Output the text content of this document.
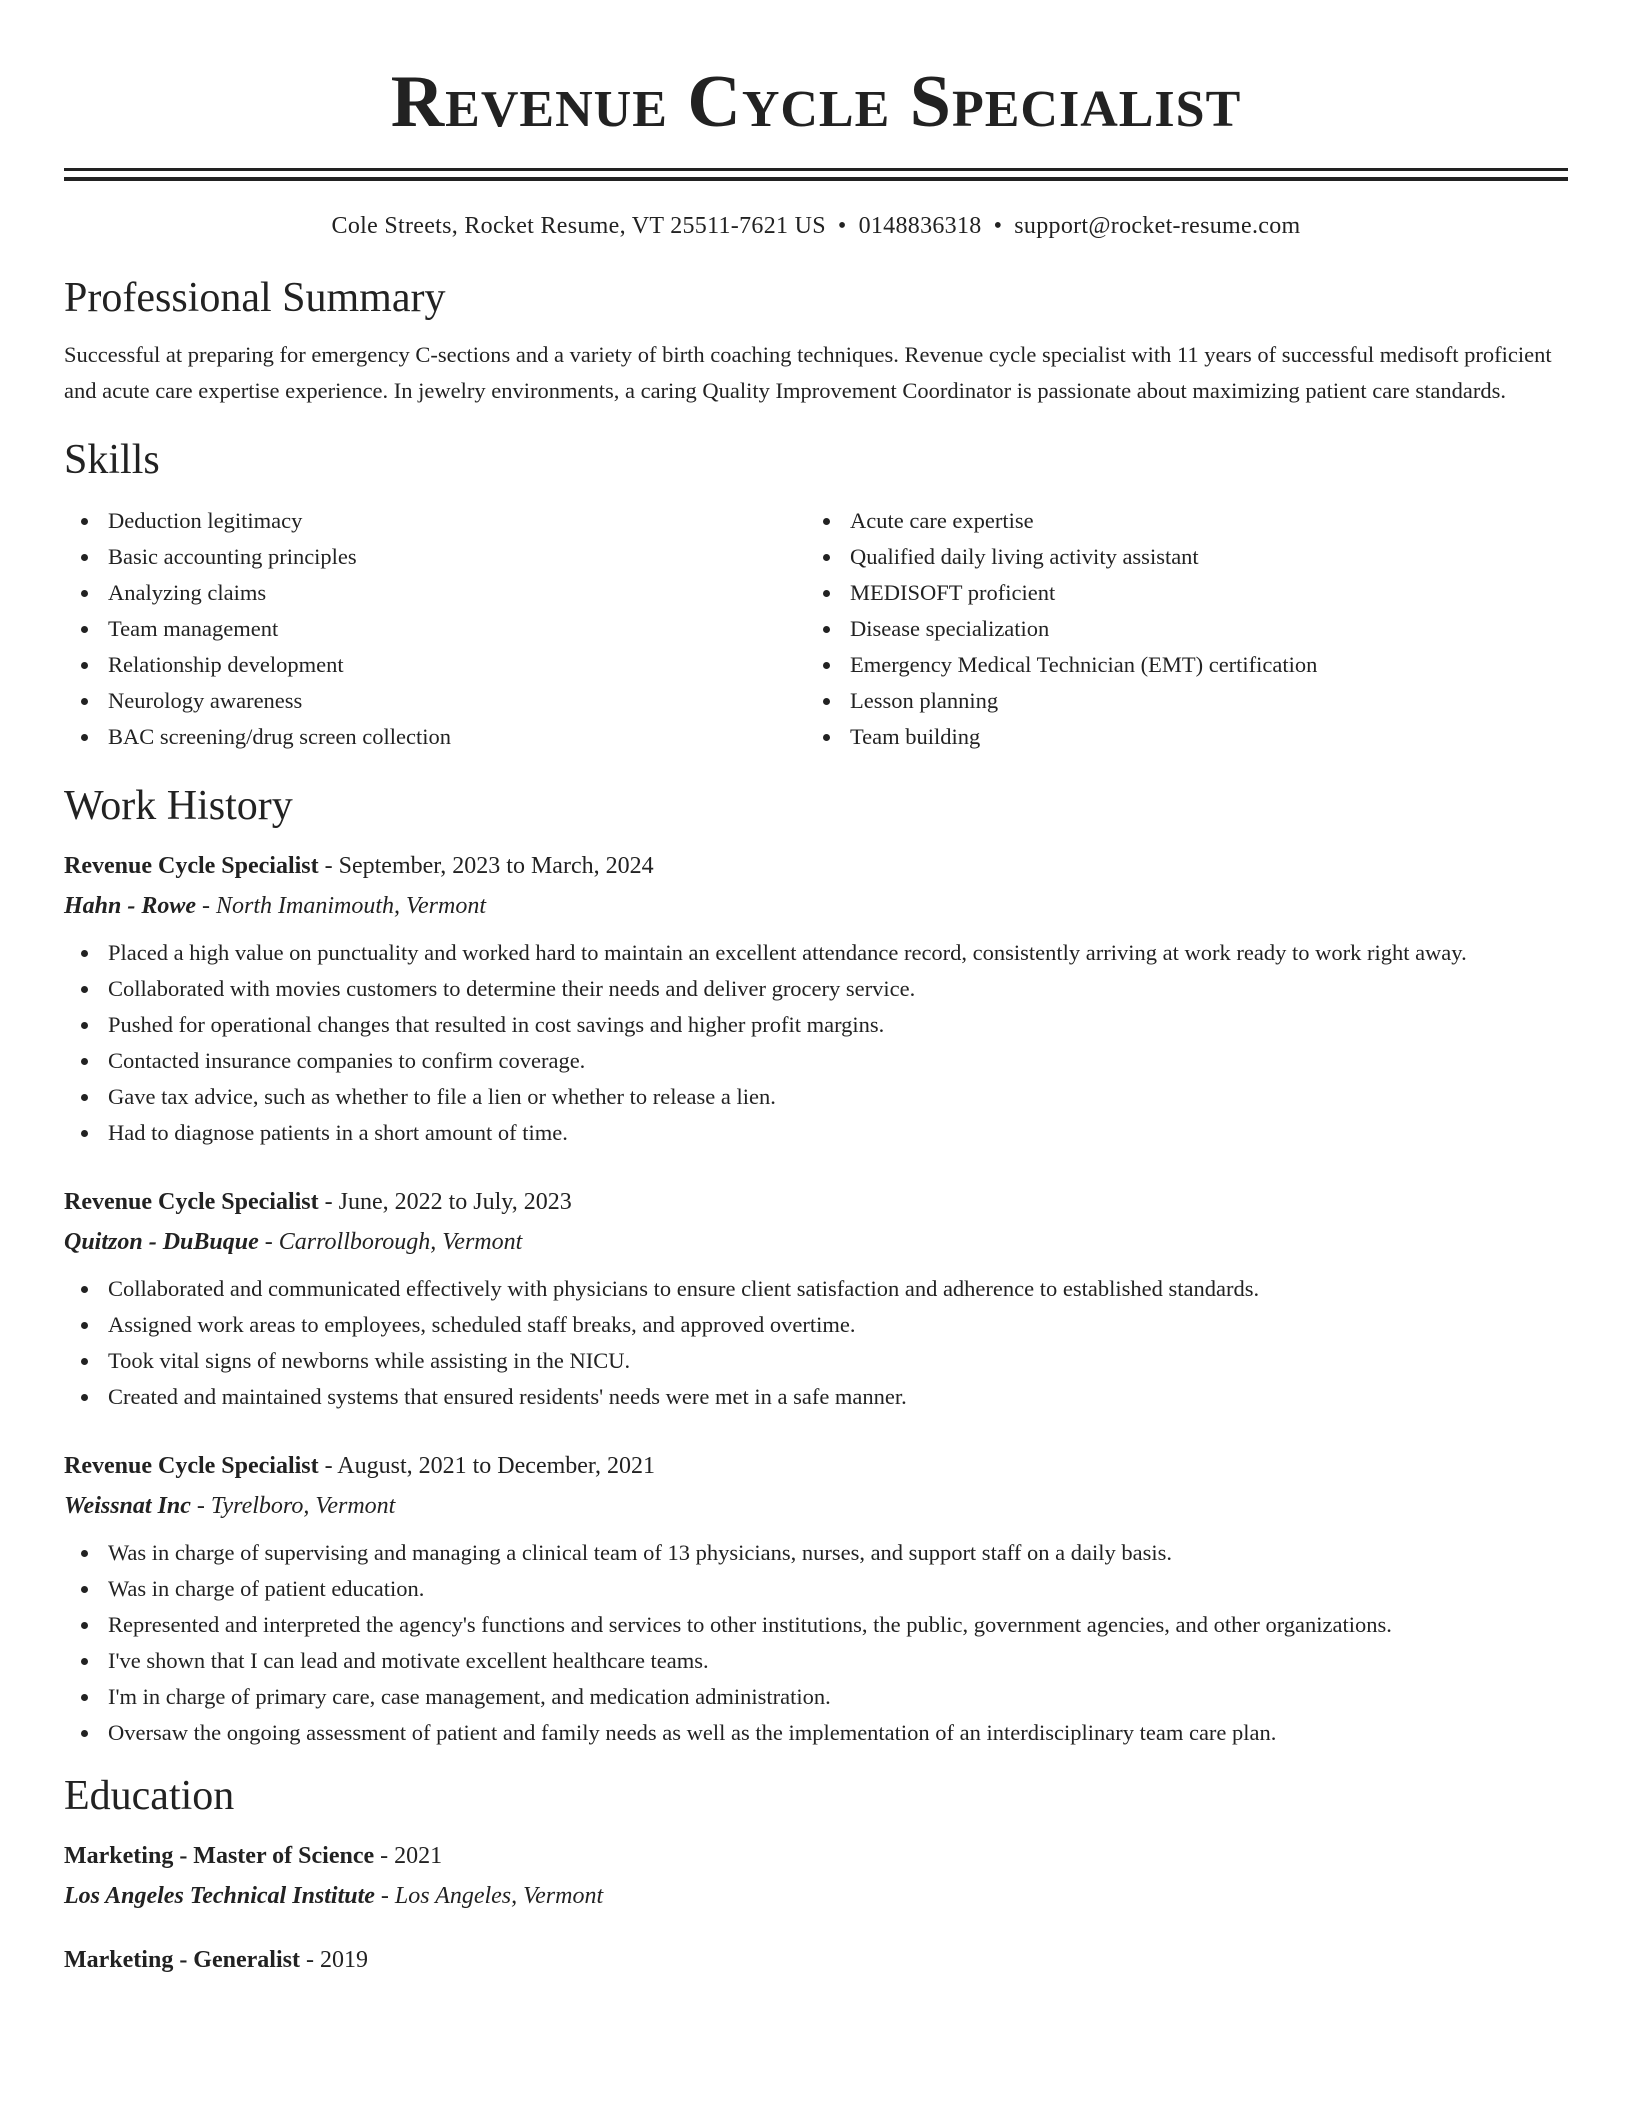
Revenue Cycle Specialist
Cole Streets, Rocket Resume, VT 25511-7621 US • 0148836318 • support@rocket-resume.com
Professional Summary
Successful at preparing for emergency C-sections and a variety of birth coaching techniques. Revenue cycle specialist with 11 years of successful medisoft proficient and acute care expertise experience. In jewelry environments, a caring Quality Improvement Coordinator is passionate about maximizing patient care standards.
Skills
Deduction legitimacy
Basic accounting principles
Analyzing claims
Team management
Relationship development
Neurology awareness
BAC screening/drug screen collection
Acute care expertise
Qualified daily living activity assistant
MEDISOFT proficient
Disease specialization
Emergency Medical Technician (EMT) certification
Lesson planning
Team building
Work History
Revenue Cycle Specialist - September, 2023 to March, 2024
Hahn - Rowe - North Imanimouth, Vermont
Placed a high value on punctuality and worked hard to maintain an excellent attendance record, consistently arriving at work ready to work right away.
Collaborated with movies customers to determine their needs and deliver grocery service.
Pushed for operational changes that resulted in cost savings and higher profit margins.
Contacted insurance companies to confirm coverage.
Gave tax advice, such as whether to file a lien or whether to release a lien.
Had to diagnose patients in a short amount of time.
Revenue Cycle Specialist - June, 2022 to July, 2023
Quitzon - DuBuque - Carrollborough, Vermont
Collaborated and communicated effectively with physicians to ensure client satisfaction and adherence to established standards.
Assigned work areas to employees, scheduled staff breaks, and approved overtime.
Took vital signs of newborns while assisting in the NICU.
Created and maintained systems that ensured residents' needs were met in a safe manner.
Revenue Cycle Specialist - August, 2021 to December, 2021
Weissnat Inc - Tyrelboro, Vermont
Was in charge of supervising and managing a clinical team of 13 physicians, nurses, and support staff on a daily basis.
Was in charge of patient education.
Represented and interpreted the agency's functions and services to other institutions, the public, government agencies, and other organizations.
I've shown that I can lead and motivate excellent healthcare teams.
I'm in charge of primary care, case management, and medication administration.
Oversaw the ongoing assessment of patient and family needs as well as the implementation of an interdisciplinary team care plan.
Education
Marketing - Master of Science - 2021
Los Angeles Technical Institute - Los Angeles, Vermont
Marketing - Generalist - 2019
